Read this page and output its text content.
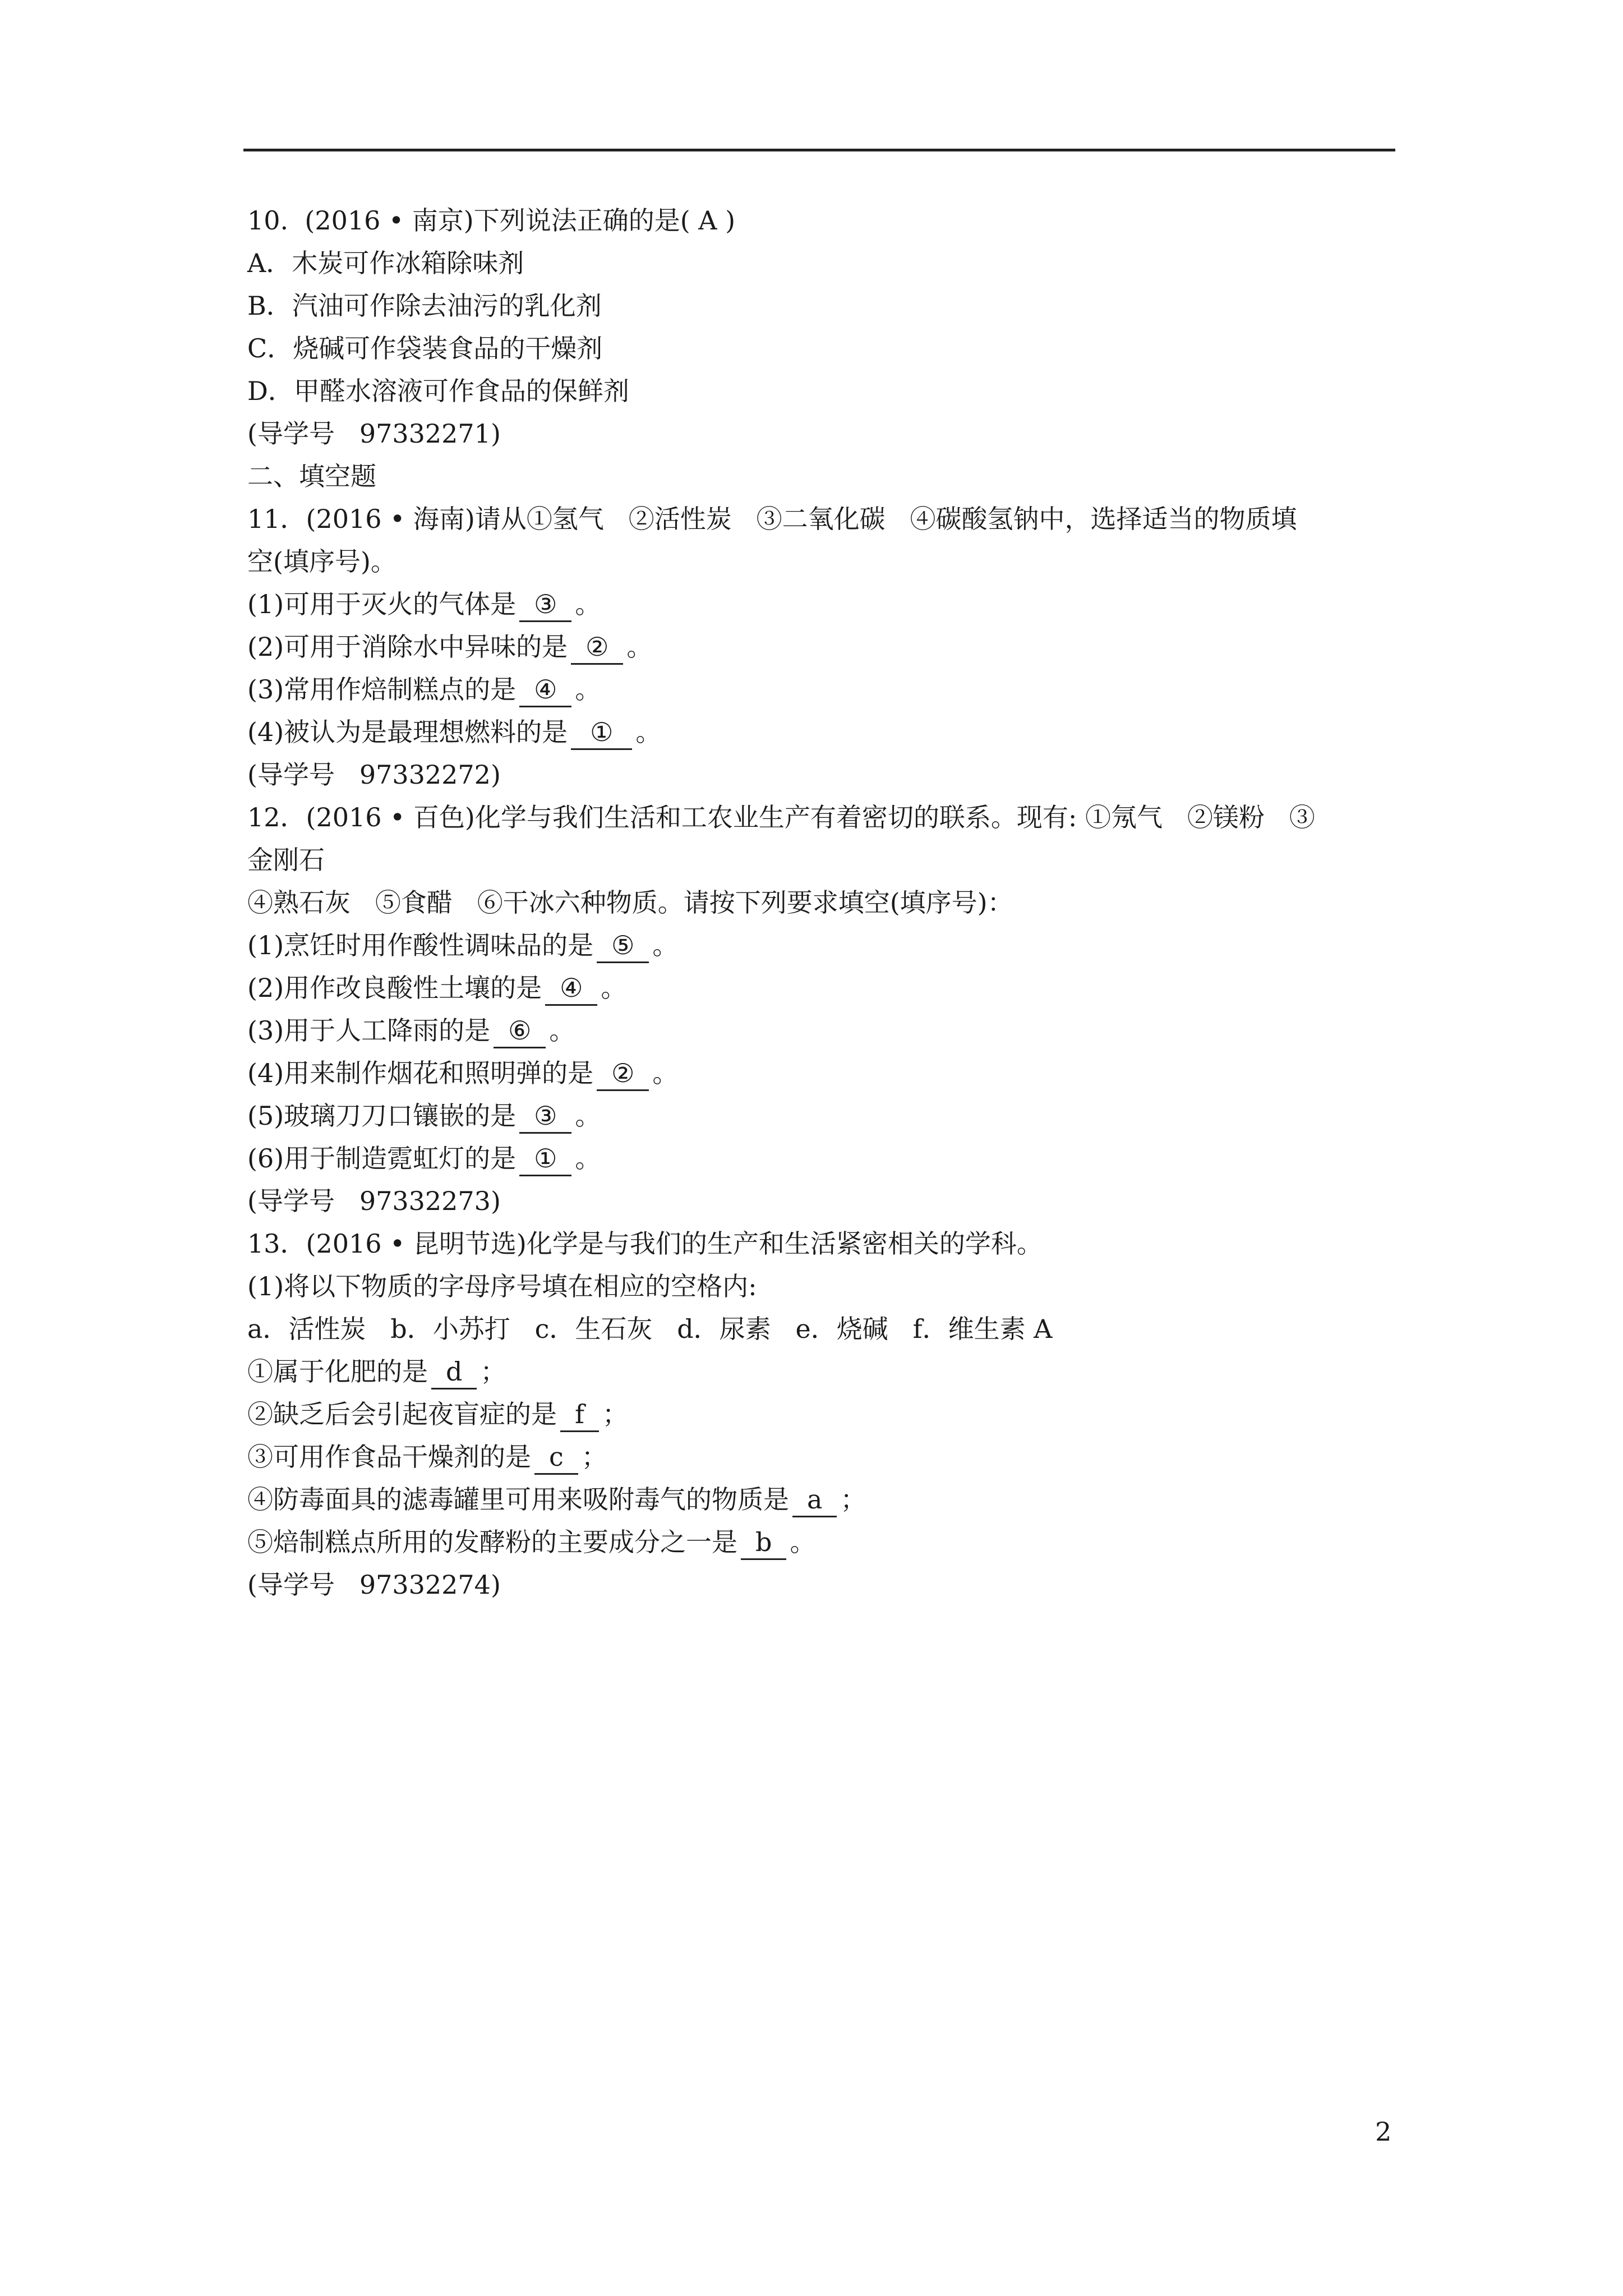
10.  (2016 • 南京)下列说法正确的是( A )
A．木炭可作冰箱除味剂
B．汽油可作除去油污的乳化剂
C．烧碱可作袋装食品的干燥剂
D．甲醛水溶液可作食品的保鲜剂
(导学号   97332271)
二、填空题
11．(2016 • 海南)请从①氢气   ②活性炭   ③二氧化碳   ④碳酸氢钠中，选择适当的物质填
空(填序号)。
(1)可用于灭火的气体是 ③ 。
(2)可用于消除水中异味的是 ② 。
(3)常用作焙制糕点的是 ④ 。
(4)被认为是最理想燃料的是 ① 。
(导学号   97332272)
12．(2016 • 百色)化学与我们生活和工农业生产有着密切的联系。现有: ①氖气   ②镁粉   ③
金刚石
④熟石灰   ⑤食醋   ⑥干冰六种物质。请按下列要求填空(填序号)：
(1)烹饪时用作酸性调味品的是 ⑤ 。
(2)用作改良酸性土壤的是 ④ 。
(3)用于人工降雨的是 ⑥ 。
(4)用来制作烟花和照明弹的是 ② 。
(5)玻璃刀刀口镶嵌的是 ③ 。
(6)用于制造霓虹灯的是 ① 。
(导学号   97332273)
13．(2016 • 昆明节选)化学是与我们的生产和生活紧密相关的学科。
(1)将以下物质的字母序号填在相应的空格内:
a．活性炭   b．小苏打   c．生石灰   d．尿素   e．烧碱   f．维生素 A
①属于化肥的是 d ；
②缺乏后会引起夜盲症的是 f ；
③可用作食品干燥剂的是 c ；
④防毒面具的滤毒罐里可用来吸附毒气的物质是 a ；
⑤焙制糕点所用的发酵粉的主要成分之一是 b 。
(导学号   97332274)
2
